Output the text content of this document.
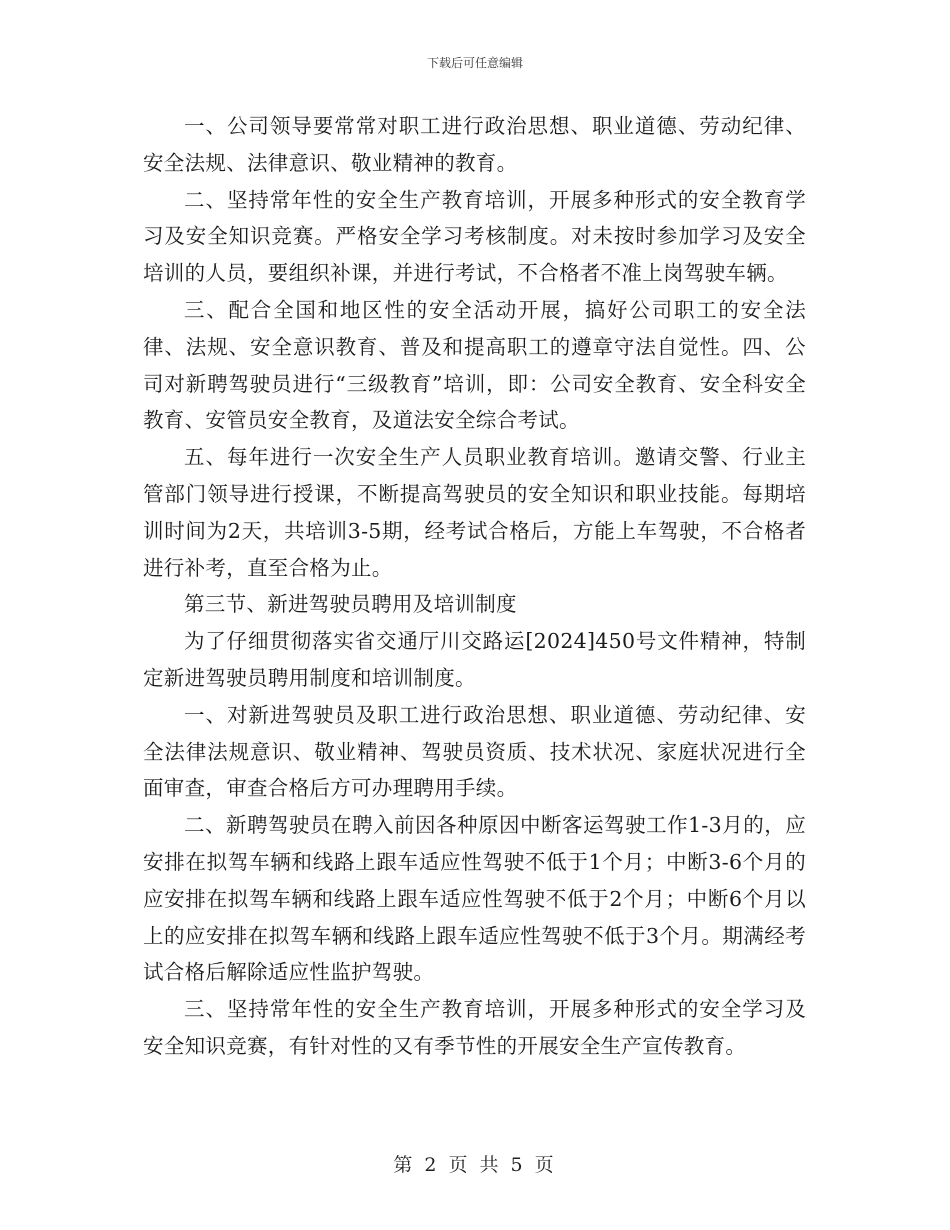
下载后可任意编辑

一、公司领导要常常对职工进行政治思想、职业道德、劳动纪律、安全法规、法律意识、敬业精神的教育。

二、坚持常年性的安全生产教育培训，开展多种形式的安全教育学习及安全知识竞赛。严格安全学习考核制度。对未按时参加学习及安全培训的人员，要组织补课，并进行考试，不合格者不准上岗驾驶车辆。

三、配合全国和地区性的安全活动开展，搞好公司职工的安全法律、法规、安全意识教育、普及和提高职工的遵章守法自觉性。四、公司对新聘驾驶员进行“三级教育”培训，即：公司安全教育、安全科安全教育、安管员安全教育，及道法安全综合考试。

五、每年进行一次安全生产人员职业教育培训。邀请交警、行业主管部门领导进行授课，不断提高驾驶员的安全知识和职业技能。每期培训时间为2天，共培训3-5期，经考试合格后，方能上车驾驶，不合格者进行补考，直至合格为止。

第三节、新进驾驶员聘用及培训制度

为了仔细贯彻落实省交通厅川交路运[2024]450号文件精神，特制定新进驾驶员聘用制度和培训制度。

一、对新进驾驶员及职工进行政治思想、职业道德、劳动纪律、安全法律法规意识、敬业精神、驾驶员资质、技术状况、家庭状况进行全面审查，审查合格后方可办理聘用手续。

二、新聘驾驶员在聘入前因各种原因中断客运驾驶工作1-3月的，应安排在拟驾车辆和线路上跟车适应性驾驶不低于1个月；中断3-6个月的应安排在拟驾车辆和线路上跟车适应性驾驶不低于2个月；中断6个月以上的应安排在拟驾车辆和线路上跟车适应性驾驶不低于3个月。期满经考试合格后解除适应性监护驾驶。

三、坚持常年性的安全生产教育培训，开展多种形式的安全学习及安全知识竞赛，有针对性的又有季节性的开展安全生产宣传教育。

第 2 页 共 5 页
